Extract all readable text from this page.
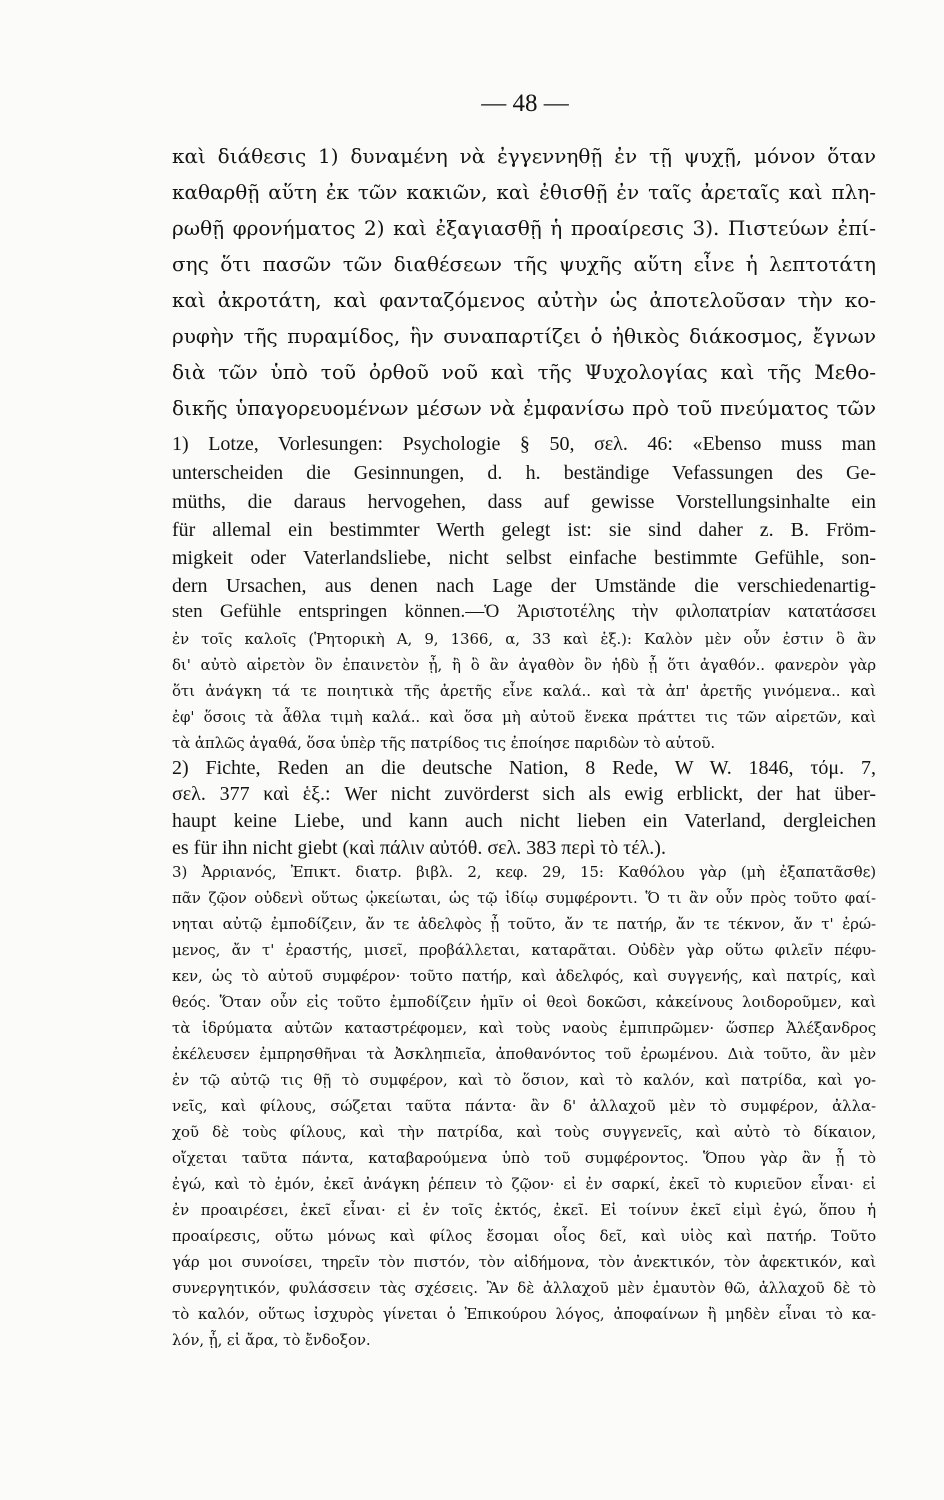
— 48 —
καὶ διάθεσις 1) δυναμένη νὰ ἐγγεννηθῇ ἐν τῇ ψυχῇ, μόνον ὅταν
καθαρθῇ αὕτη ἐκ τῶν κακιῶν, καὶ ἐθισθῇ ἐν ταῖς ἀρεταῖς καὶ πλη-
ρωθῇ φρονήματος 2) καὶ ἐξαγιασθῇ ἡ προαίρεσις 3). Πιστεύων ἐπί-
σης ὅτι πασῶν τῶν διαθέσεων τῆς ψυχῆς αὕτη εἶνε ἡ λεπτοτάτη
καὶ ἀκροτάτη, καὶ φανταζόμενος αὐτὴν ὡς ἀποτελοῦσαν τὴν κο-
ρυφὴν τῆς πυραμίδος, ἣν συναπαρτίζει ὁ ἠθικὸς διάκοσμος, ἔγνων
διὰ τῶν ὑπὸ τοῦ ὀρθοῦ νοῦ καὶ τῆς Ψυχολογίας καὶ τῆς Μεθο-
δικῆς ὑπαγορευομένων μέσων νὰ ἐμφανίσω πρὸ τοῦ πνεύματος τῶν
1) Lotze, Vorlesungen: Psychologie § 50, σελ. 46: «Ebenso muss man
unterscheiden die Gesinnungen, d. h. beständige Vefassungen des Ge-
müths, die daraus hervogehen, dass auf gewisse Vorstellungsinhalte ein
für allemal ein bestimmter Werth gelegt ist: sie sind daher z. B. Fröm-
migkeit oder Vaterlandsliebe, nicht selbst einfache bestimmte Gefühle, son-
dern Ursachen, aus denen nach Lage der Umstände die verschiedenartig-
sten Gefühle entspringen können.—Ὁ Ἀριστοτέλης τὴν φιλοπατρίαν κατατάσσει
ἐν τοῖς καλοῖς (Ῥητορικὴ Α, 9, 1366, α, 33 καὶ ἑξ.): Καλὸν μὲν οὖν ἐστιν ὃ ἂν
δι' αὐτὸ αἱρετὸν ὂν ἐπαινετὸν ᾖ, ἢ ὃ ἂν ἀγαθὸν ὂν ἡδὺ ᾖ ὅτι ἀγαθόν.. φανερὸν γὰρ
ὅτι ἀνάγκη τά τε ποιητικὰ τῆς ἀρετῆς εἶνε καλά.. καὶ τὰ ἀπ' ἀρετῆς γινόμενα.. καὶ
ἐφ' ὅσοις τὰ ἆθλα τιμὴ καλά.. καὶ ὅσα μὴ αὐτοῦ ἕνεκα πράττει τις τῶν αἱρετῶν, καὶ
τὰ ἁπλῶς ἀγαθά, ὅσα ὑπὲρ τῆς πατρίδος τις ἐποίησε παριδὼν τὸ αὑτοῦ.
2) Fichte, Reden an die deutsche Nation, 8 Rede, W W. 1846, τόμ. 7,
σελ. 377 καὶ ἑξ.: Wer nicht zuvörderst sich als ewig erblickt, der hat über-
haupt keine Liebe, und kann auch nicht lieben ein Vaterland, dergleichen
es für ihn nicht giebt (καὶ πάλιν αὐτόθ. σελ. 383 περὶ τὸ τέλ.).
3) Ἀρριανός, Ἐπικτ. διατρ. βιβλ. 2, κεφ. 29, 15: Καθόλου γὰρ (μὴ ἐξαπατᾶσθε)
πᾶν ζῷον οὐδενὶ οὕτως ᾠκείωται, ὡς τῷ ἰδίῳ συμφέροντι. Ὅ τι ἂν οὖν πρὸς τοῦτο φαί-
νηται αὐτῷ ἐμποδίζειν, ἄν τε ἀδελφὸς ᾖ τοῦτο, ἄν τε πατήρ, ἄν τε τέκνον, ἄν τ' ἐρώ-
μενος, ἄν τ' ἐραστής, μισεῖ, προβάλλεται, καταρᾶται. Οὐδὲν γὰρ οὕτω φιλεῖν πέφυ-
κεν, ὡς τὸ αὐτοῦ συμφέρον· τοῦτο πατήρ, καὶ ἀδελφός, καὶ συγγενής, καὶ πατρίς, καὶ
θεός. Ὅταν οὖν εἰς τοῦτο ἐμποδίζειν ἡμῖν οἱ θεοὶ δοκῶσι, κἀκείνους λοιδοροῦμεν, καὶ
τὰ ἱδρύματα αὐτῶν καταστρέφομεν, καὶ τοὺς ναοὺς ἐμπιπρῶμεν· ὥσπερ Ἀλέξανδρος
ἐκέλευσεν ἐμπρησθῆναι τὰ Ἀσκληπιεῖα, ἀποθανόντος τοῦ ἐρωμένου. Διὰ τοῦτο, ἂν μὲν
ἐν τῷ αὐτῷ τις θῇ τὸ συμφέρον, καὶ τὸ ὅσιον, καὶ τὸ καλόν, καὶ πατρίδα, καὶ γο-
νεῖς, καὶ φίλους, σώζεται ταῦτα πάντα· ἂν δ' ἀλλαχοῦ μὲν τὸ συμφέρον, ἀλλα-
χοῦ δὲ τοὺς φίλους, καὶ τὴν πατρίδα, καὶ τοὺς συγγενεῖς, καὶ αὐτὸ τὸ δίκαιον,
οἴχεται ταῦτα πάντα, καταβαρούμενα ὑπὸ τοῦ συμφέροντος. Ὅπου γὰρ ἂν ᾖ τὸ
ἐγώ, καὶ τὸ ἐμόν, ἐκεῖ ἀνάγκη ῥέπειν τὸ ζῷον· εἰ ἐν σαρκί, ἐκεῖ τὸ κυριεῦον εἶναι· εἰ
ἐν προαιρέσει, ἐκεῖ εἶναι· εἰ ἐν τοῖς ἐκτός, ἐκεῖ. Εἰ τοίνυν ἐκεῖ εἰμὶ ἐγώ, ὅπου ἡ
προαίρεσις, οὕτω μόνως καὶ φίλος ἔσομαι οἷος δεῖ, καὶ υἱὸς καὶ πατήρ. Τοῦτο
γάρ μοι συνοίσει, τηρεῖν τὸν πιστόν, τὸν αἰδήμονα, τὸν ἀνεκτικόν, τὸν ἀφεκτικόν, καὶ
συνεργητικόν, φυλάσσειν τὰς σχέσεις. Ἂν δὲ ἀλλαχοῦ μὲν ἐμαυτὸν θῶ, ἀλλαχοῦ δὲ τὸ
τὸ καλόν, οὕτως ἰσχυρὸς γίνεται ὁ Ἐπικούρου λόγος, ἀποφαίνων ἢ μηδὲν εἶναι τὸ κα-
λόν, ᾖ, εἰ ἄρα, τὸ ἔνδοξον.
